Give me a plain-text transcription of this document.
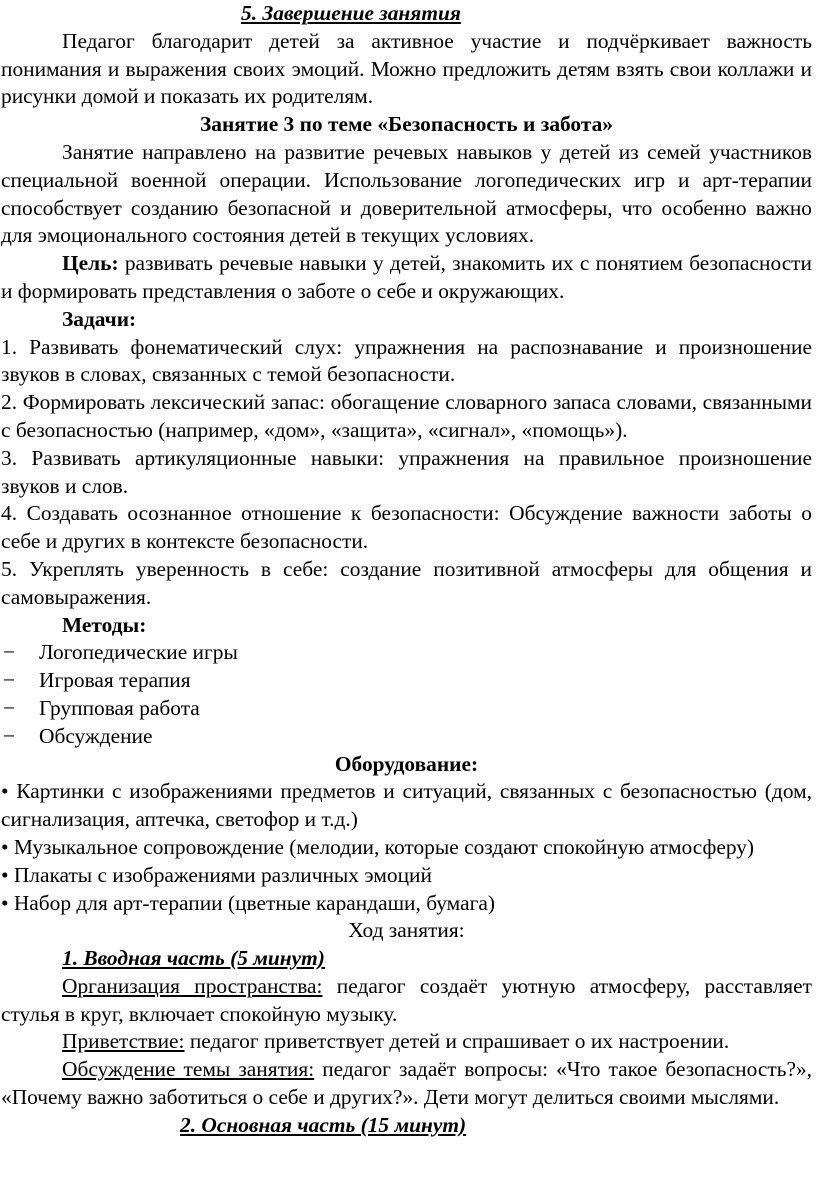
5. Завершение занятия

Педагог благодарит детей за активное участие и подчёркивает важность понимания и выражения своих эмоций. Можно предложить детям взять свои коллажи и рисунки домой и показать их родителям.

Занятие 3 по теме «Безопасность и забота»

Занятие направлено на развитие речевых навыков у детей из семей участников специальной военной операции. Использование логопедических игр и арт-терапии способствует созданию безопасной и доверительной атмосферы, что особенно важно для эмоционального состояния детей в текущих условиях.

Цель: развивать речевые навыки у детей, знакомить их с понятием безопасности и формировать представления о заботе о себе и окружающих.

Задачи:

1. Развивать фонематический слух: упражнения на распознавание и произношение звуков в словах, связанных с темой безопасности.

2. Формировать лексический запас: обогащение словарного запаса словами, связанными с безопасностью (например, «дом», «защита», «сигнал», «помощь»).

3. Развивать артикуляционные навыки: упражнения на правильное произношение звуков и слов.

4. Создавать осознанное отношение к безопасности: Обсуждение важности заботы о себе и других в контексте безопасности.

5. Укреплять уверенность в себе: создание позитивной атмосферы для общения и самовыражения.

Методы:

−	Логопедические игры
−	Игровая терапия
−	Групповая работа
−	Обсуждение

Оборудование:

• Картинки с изображениями предметов и ситуаций, связанных с безопасностью (дом, сигнализация, аптечка, светофор и т.д.)

• Музыкальное сопровождение (мелодии, которые создают спокойную атмосферу)

• Плакаты с изображениями различных эмоций

• Набор для арт-терапии (цветные карандаши, бумага)

Ход занятия:

1. Вводная часть (5 минут)

Организация пространства: педагог создаёт уютную атмосферу, расставляет стулья в круг, включает спокойную музыку.

Приветствие: педагог приветствует детей и спрашивает о их настроении.

Обсуждение темы занятия: педагог задаёт вопросы: «Что такое безопасность?», «Почему важно заботиться о себе и других?». Дети могут делиться своими мыслями.

2. Основная часть (15 минут)
